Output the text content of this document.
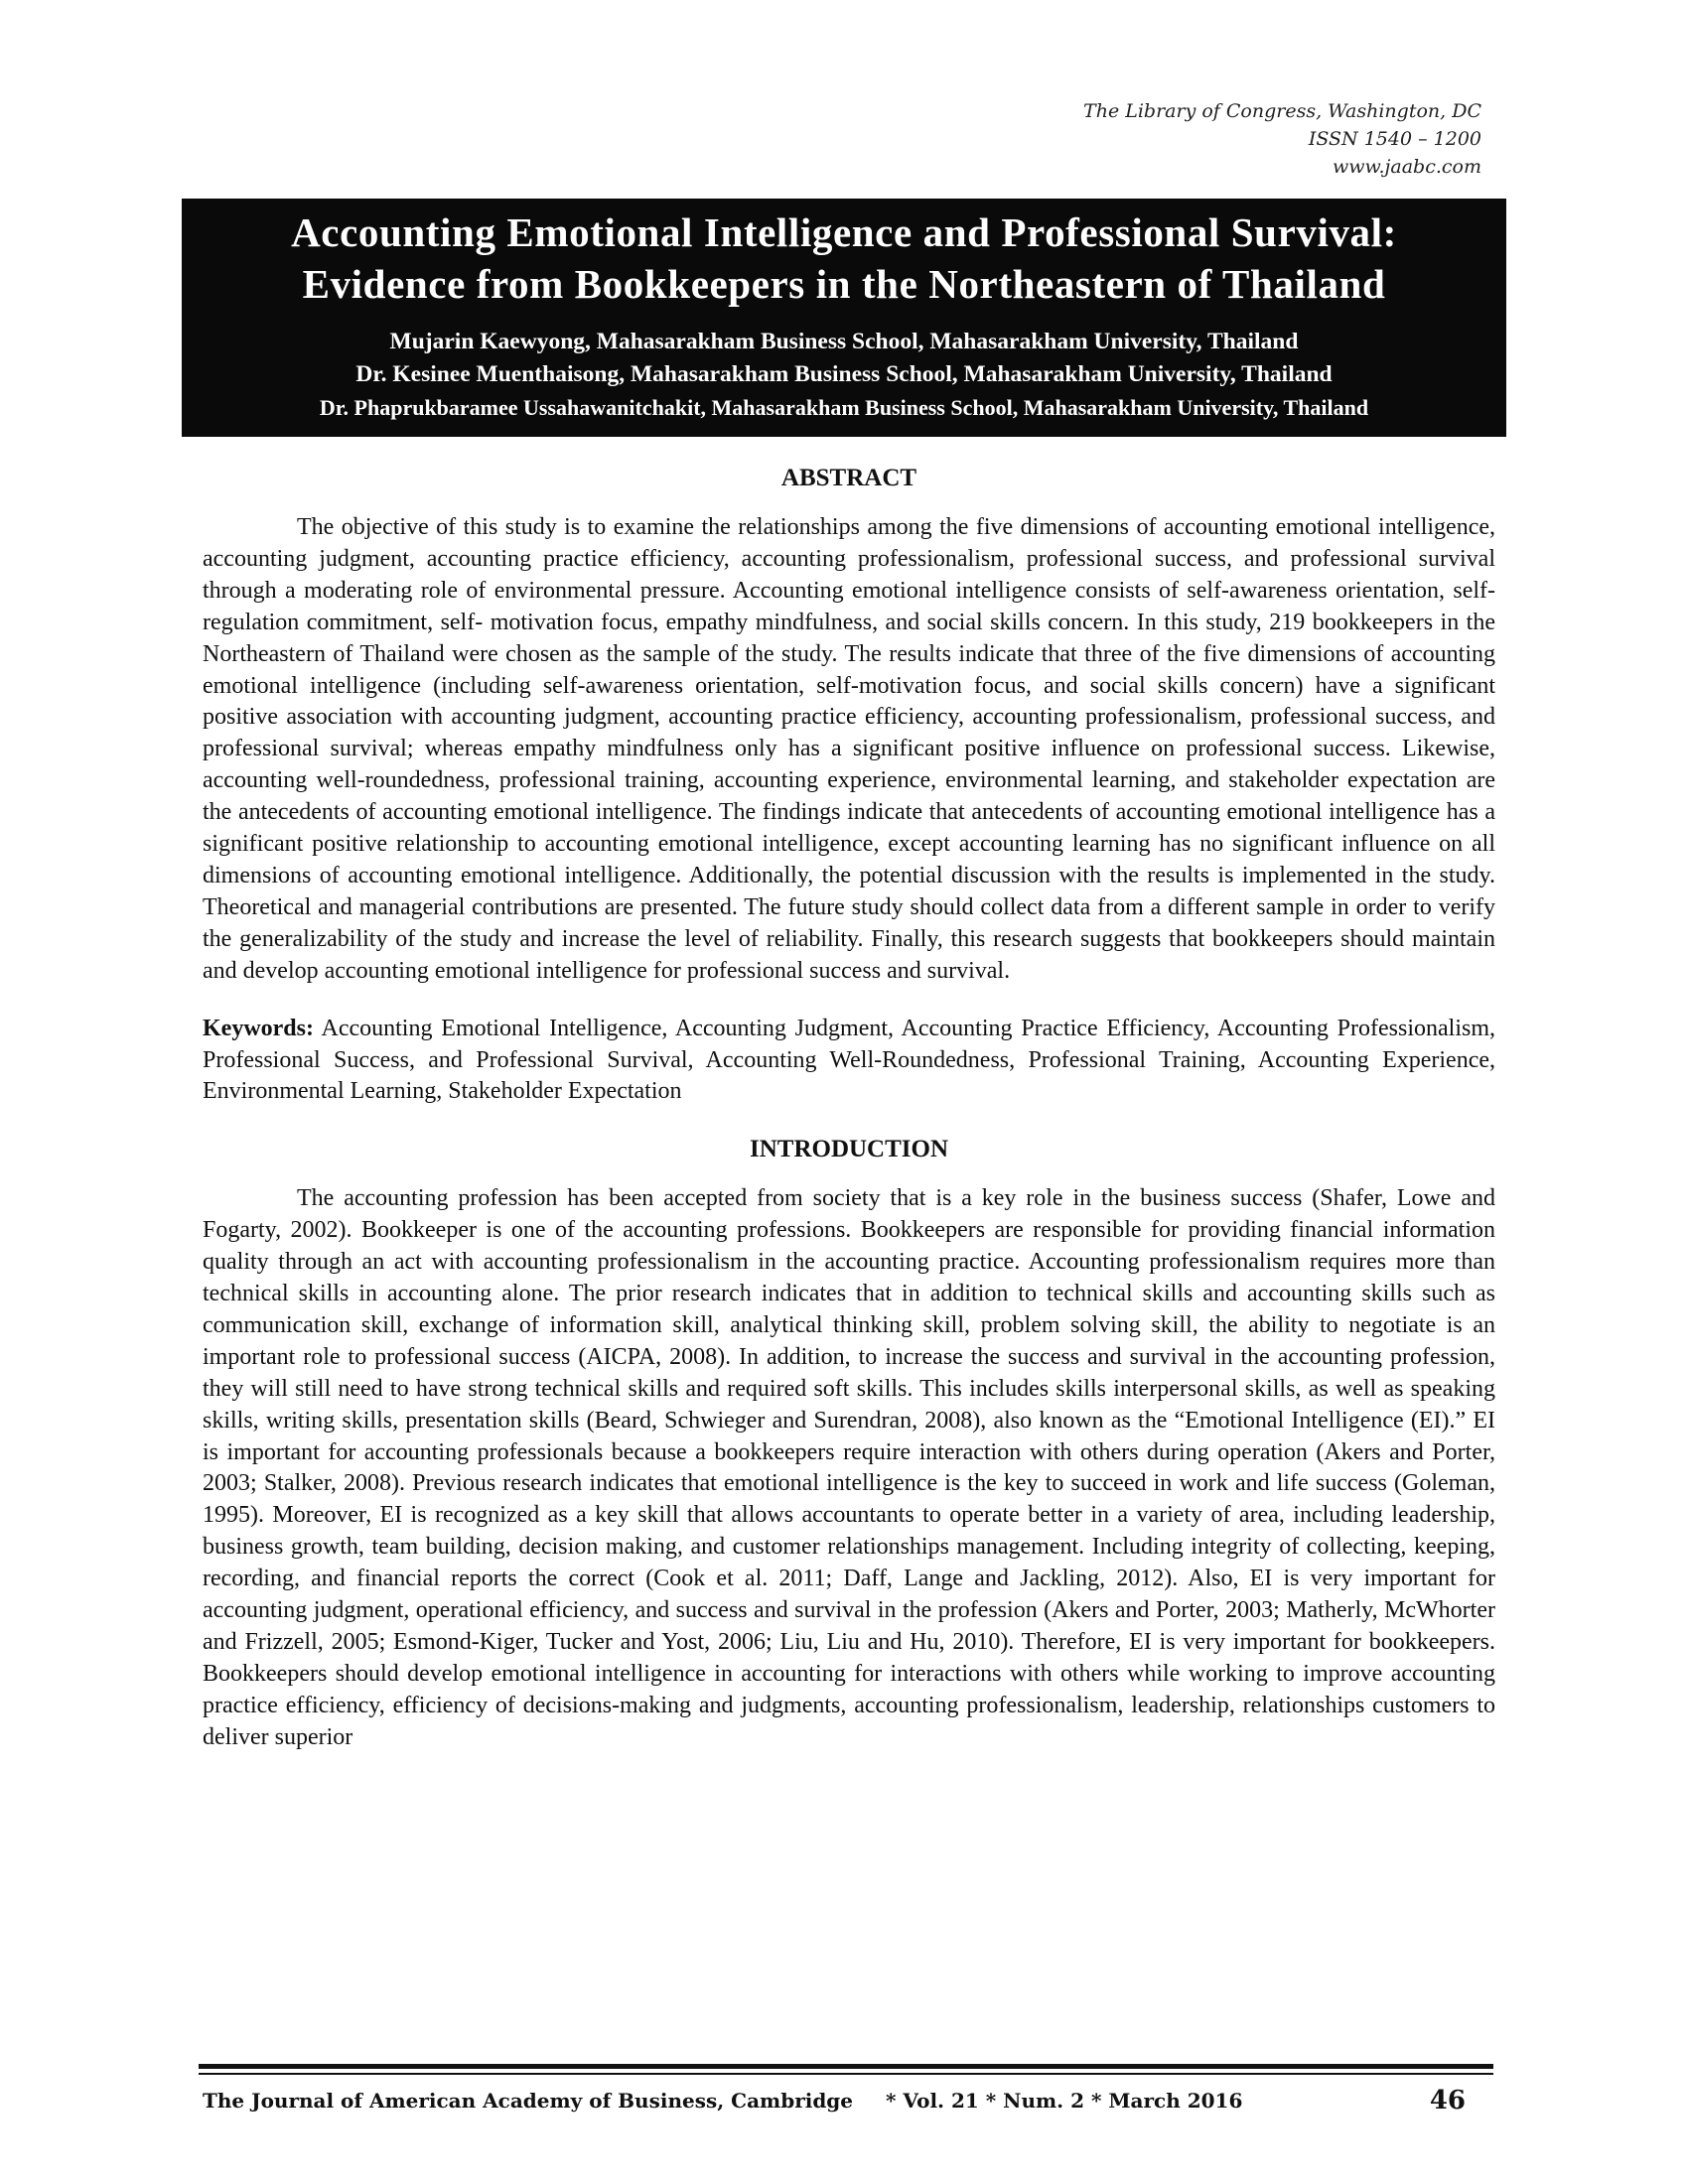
The Library of Congress, Washington, DC
ISSN 1540 – 1200
www.jaabc.com
Accounting Emotional Intelligence and Professional Survival:
Evidence from Bookkeepers in the Northeastern of Thailand
Mujarin Kaewyong, Mahasarakham Business School, Mahasarakham University, Thailand
Dr. Kesinee Muenthaisong, Mahasarakham Business School, Mahasarakham University, Thailand
Dr. Phaprukbaramee Ussahawanitchakit, Mahasarakham Business School, Mahasarakham University, Thailand
ABSTRACT

The objective of this study is to examine the relationships among the five dimensions of accounting emotional intelligence, accounting judgment, accounting practice efficiency, accounting professionalism, professional success, and professional survival through a moderating role of environmental pressure. Accounting emotional intelligence consists of self-awareness orientation, self-regulation commitment, self- motivation focus, empathy mindfulness, and social skills concern. In this study, 219 bookkeepers in the Northeastern of Thailand were chosen as the sample of the study. The results indicate that three of the five dimensions of accounting emotional intelligence (including self-awareness orientation, self-motivation focus, and social skills concern) have a significant positive association with accounting judgment, accounting practice efficiency, accounting professionalism, professional success, and professional survival; whereas empathy mindfulness only has a significant positive influence on professional success. Likewise, accounting well-roundedness, professional training, accounting experience, environmental learning, and stakeholder expectation are the antecedents of accounting emotional intelligence. The findings indicate that antecedents of accounting emotional intelligence has a significant positive relationship to accounting emotional intelligence, except accounting learning has no significant influence on all dimensions of accounting emotional intelligence. Additionally, the potential discussion with the results is implemented in the study. Theoretical and managerial contributions are presented. The future study should collect data from a different sample in order to verify the generalizability of the study and increase the level of reliability. Finally, this research suggests that bookkeepers should maintain and develop accounting emotional intelligence for professional success and survival.

Keywords: Accounting Emotional Intelligence, Accounting Judgment, Accounting Practice Efficiency, Accounting Professionalism, Professional Success, and Professional Survival, Accounting Well-Roundedness, Professional Training, Accounting Experience, Environmental Learning, Stakeholder Expectation

INTRODUCTION

The accounting profession has been accepted from society that is a key role in the business success (Shafer, Lowe and Fogarty, 2002). Bookkeeper is one of the accounting professions. Bookkeepers are responsible for providing financial information quality through an act with accounting professionalism in the accounting practice. Accounting professionalism requires more than technical skills in accounting alone. The prior research indicates that in addition to technical skills and accounting skills such as communication skill, exchange of information skill, analytical thinking skill, problem solving skill, the ability to negotiate is an important role to professional success (AICPA, 2008). In addition, to increase the success and survival in the accounting profession, they will still need to have strong technical skills and required soft skills. This includes skills interpersonal skills, as well as speaking skills, writing skills, presentation skills (Beard, Schwieger and Surendran, 2008), also known as the “Emotional Intelligence (EI).” EI is important for accounting professionals because a bookkeepers require interaction with others during operation (Akers and Porter, 2003; Stalker, 2008). Previous research indicates that emotional intelligence is the key to succeed in work and life success (Goleman, 1995). Moreover, EI is recognized as a key skill that allows accountants to operate better in a variety of area, including leadership, business growth, team building, decision making, and customer relationships management. Including integrity of collecting, keeping, recording, and financial reports the correct (Cook et al. 2011; Daff, Lange and Jackling, 2012). Also, EI is very important for accounting judgment, operational efficiency, and success and survival in the profession (Akers and Porter, 2003; Matherly, McWhorter and Frizzell, 2005; Esmond-Kiger, Tucker and Yost, 2006; Liu, Liu and Hu, 2010). Therefore, EI is very important for bookkeepers. Bookkeepers should develop emotional intelligence in accounting for interactions with others while working to improve accounting practice efficiency, efficiency of decisions-making and judgments, accounting professionalism, leadership, relationships customers to deliver superior

The Journal of American Academy of Business, Cambridge * Vol. 21 * Num. 2 * March 2016	46
